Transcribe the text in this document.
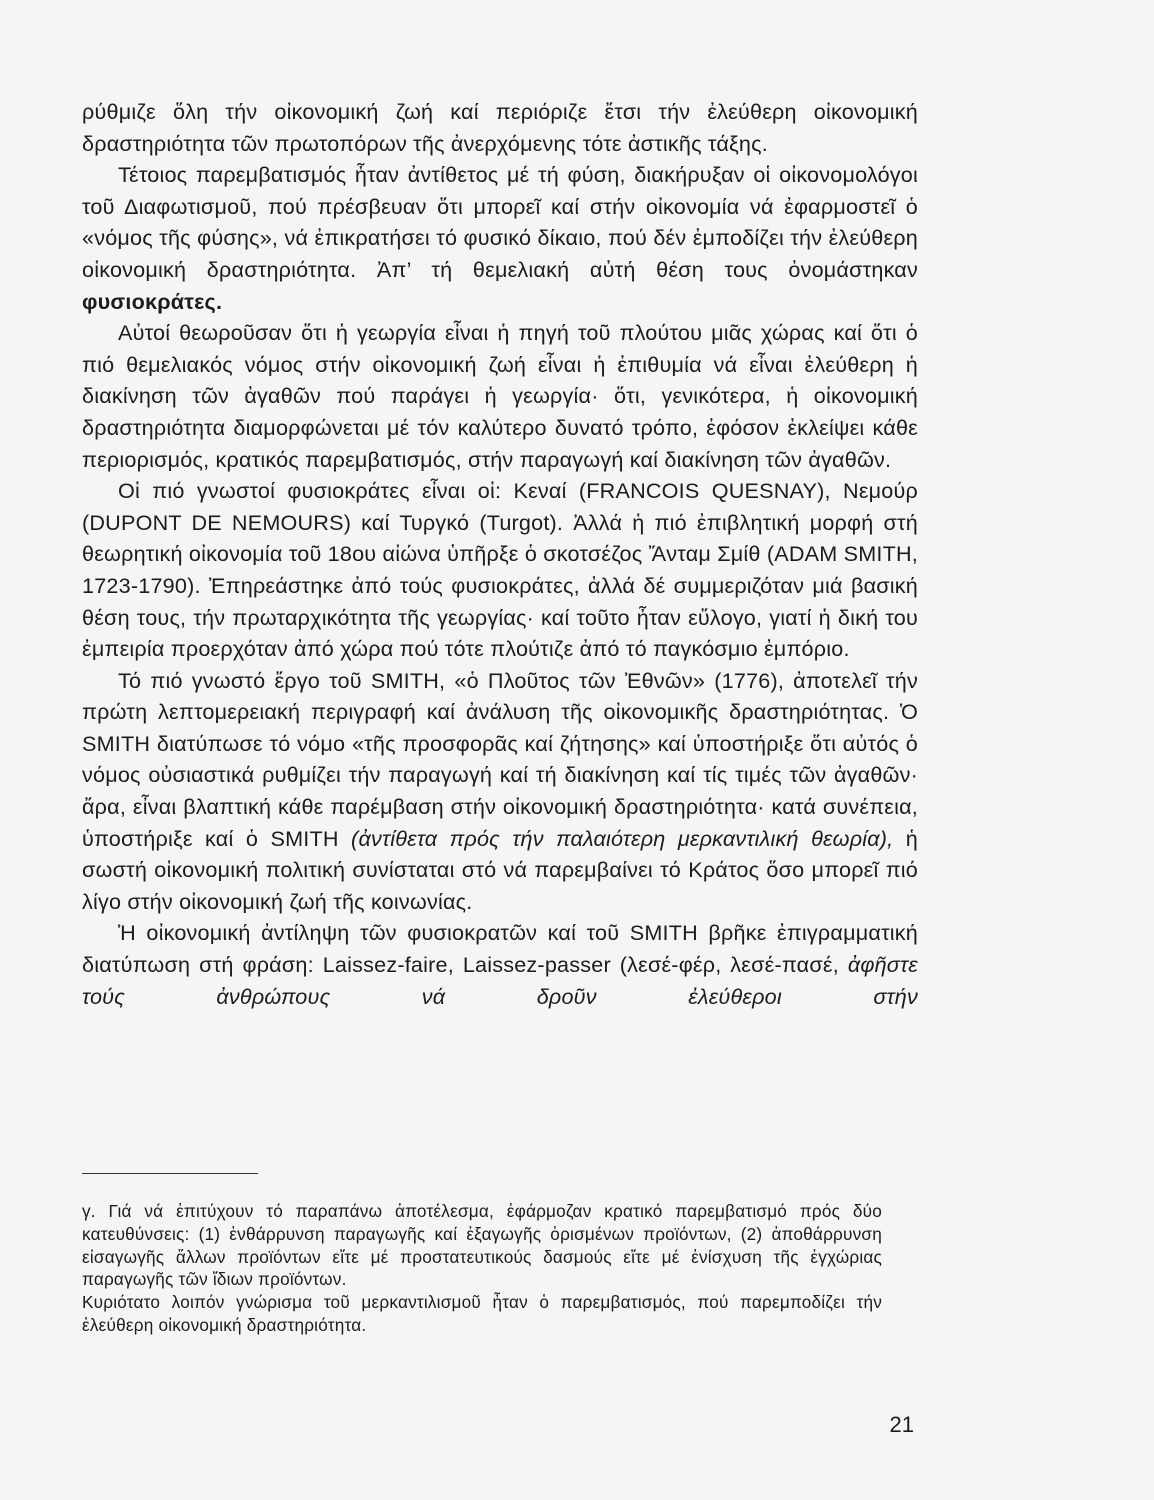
ρύθμιζε ὅλη τήν οἰκονομική ζωή καί περιόριζε ἔτσι τήν ἐλεύθερη οἰκονομική δραστηριότητα τῶν πρωτοπόρων τῆς ἀνερχόμενης τότε ἀστικῆς τάξης.

Τέτοιος παρεμβατισμός ἦταν ἀντίθετος μέ τή φύση, διακήρυξαν οἱ οἰκονομολόγοι τοῦ Διαφωτισμοῦ, πού πρέσβευαν ὅτι μπορεῖ καί στήν οἰκονομία νά ἐφαρμοστεῖ ὁ «νόμος τῆς φύσης», νά ἐπικρατήσει τό φυσικό δίκαιο, πού δέν ἐμποδίζει τήν ἐλεύθερη οἰκονομική δραστηριότητα. Ἀπ’ τή θεμελιακή αὐτή θέση τους ὀνομάστηκαν φυσιοκράτες.

Αὐτοί θεωροῦσαν ὅτι ἡ γεωργία εἶναι ἡ πηγή τοῦ πλούτου μιᾶς χώρας καί ὅτι ὁ πιό θεμελιακός νόμος στήν οἰκονομική ζωή εἶναι ἡ ἐπιθυμία νά εἶναι ἐλεύθερη ἡ διακίνηση τῶν ἀγαθῶν πού παράγει ἡ γεωργία· ὅτι, γενικότερα, ἡ οἰκονομική δραστηριότητα διαμορφώνεται μέ τόν καλύτερο δυνατό τρόπο, ἐφόσον ἐκλείψει κάθε περιορισμός, κρατικός παρεμβατισμός, στήν παραγωγή καί διακίνηση τῶν ἀγαθῶν.

Οἱ πιό γνωστοί φυσιοκράτες εἶναι οἱ: Κεναί (FRANCOIS QUESNAY), Νεμούρ (DUPONT DE NEMOURS) καί Τυργκό (Turgot). Ἀλλά ἡ πιό ἐπιβλητική μορφή στή θεωρητική οἰκονομία τοῦ 18ου αἰώνα ὑπῆρξε ὁ σκοτσέζος Ἄνταμ Σμίθ (ADAM SMITH, 1723-1790). Ἐπηρεάστηκε ἀπό τούς φυσιοκράτες, ἀλλά δέ συμμεριζόταν μιά βασική θέση τους, τήν πρωταρχικότητα τῆς γεωργίας· καί τοῦτο ἦταν εὔλογο, γιατί ἡ δική του ἐμπειρία προερχόταν ἀπό χώρα πού τότε πλούτιζε ἀπό τό παγκόσμιο ἐμπόριο.

Τό πιό γνωστό ἔργο τοῦ SMITH, «ὁ Πλοῦτος τῶν Ἐθνῶν» (1776), ἀποτελεῖ τήν πρώτη λεπτομερειακή περιγραφή καί ἀνάλυση τῆς οἰκονομικῆς δραστηριότητας. Ὁ SMITH διατύπωσε τό νόμο «τῆς προσφορᾶς καί ζήτησης» καί ὑποστήριξε ὅτι αὐτός ὁ νόμος οὐσιαστικά ρυθμίζει τήν παραγωγή καί τή διακίνηση καί τίς τιμές τῶν ἀγαθῶν· ἄρα, εἶναι βλαπτική κάθε παρέμβαση στήν οἰκονομική δραστηριότητα· κατά συνέπεια, ὑποστήριξε καί ὁ SMITH (ἀντίθετα πρός τήν παλαιότερη μερκαντιλική θεωρία), ἡ σωστή οἰκονομική πολιτική συνίσταται στό νά παρεμβαίνει τό Κράτος ὅσο μπορεῖ πιό λίγο στήν οἰκονομική ζωή τῆς κοινωνίας.

Ἡ οἰκονομική ἀντίληψη τῶν φυσιοκρατῶν καί τοῦ SMITH βρῆκε ἐπιγραμματική διατύπωση στή φράση: Laissez-faire, Laissez-passer (λεσέ-φέρ, λεσέ-πασέ, ἀφῆστε τούς ἀνθρώπους νά δροῦν ἐλεύθεροι στήν

γ. Γιά νά ἐπιτύχουν τό παραπάνω ἀποτέλεσμα, ἐφάρμοζαν κρατικό παρεμβατισμό πρός δύο κατευθύνσεις: (1) ἐνθάρρυνση παραγωγῆς καί ἐξαγωγῆς ὁρισμένων προϊόντων, (2) ἀποθάρρυνση εἰσαγωγῆς ἄλλων προϊόντων εἴτε μέ προστατευτικούς δασμούς εἴτε μέ ἐνίσχυση τῆς ἐγχώριας παραγωγῆς τῶν ἴδιων προϊόντων.

Κυριότατο λοιπόν γνώρισμα τοῦ μερκαντιλισμοῦ ἦταν ὁ παρεμβατισμός, πού παρεμποδίζει τήν ἐλεύθερη οἰκονομική δραστηριότητα.

21
